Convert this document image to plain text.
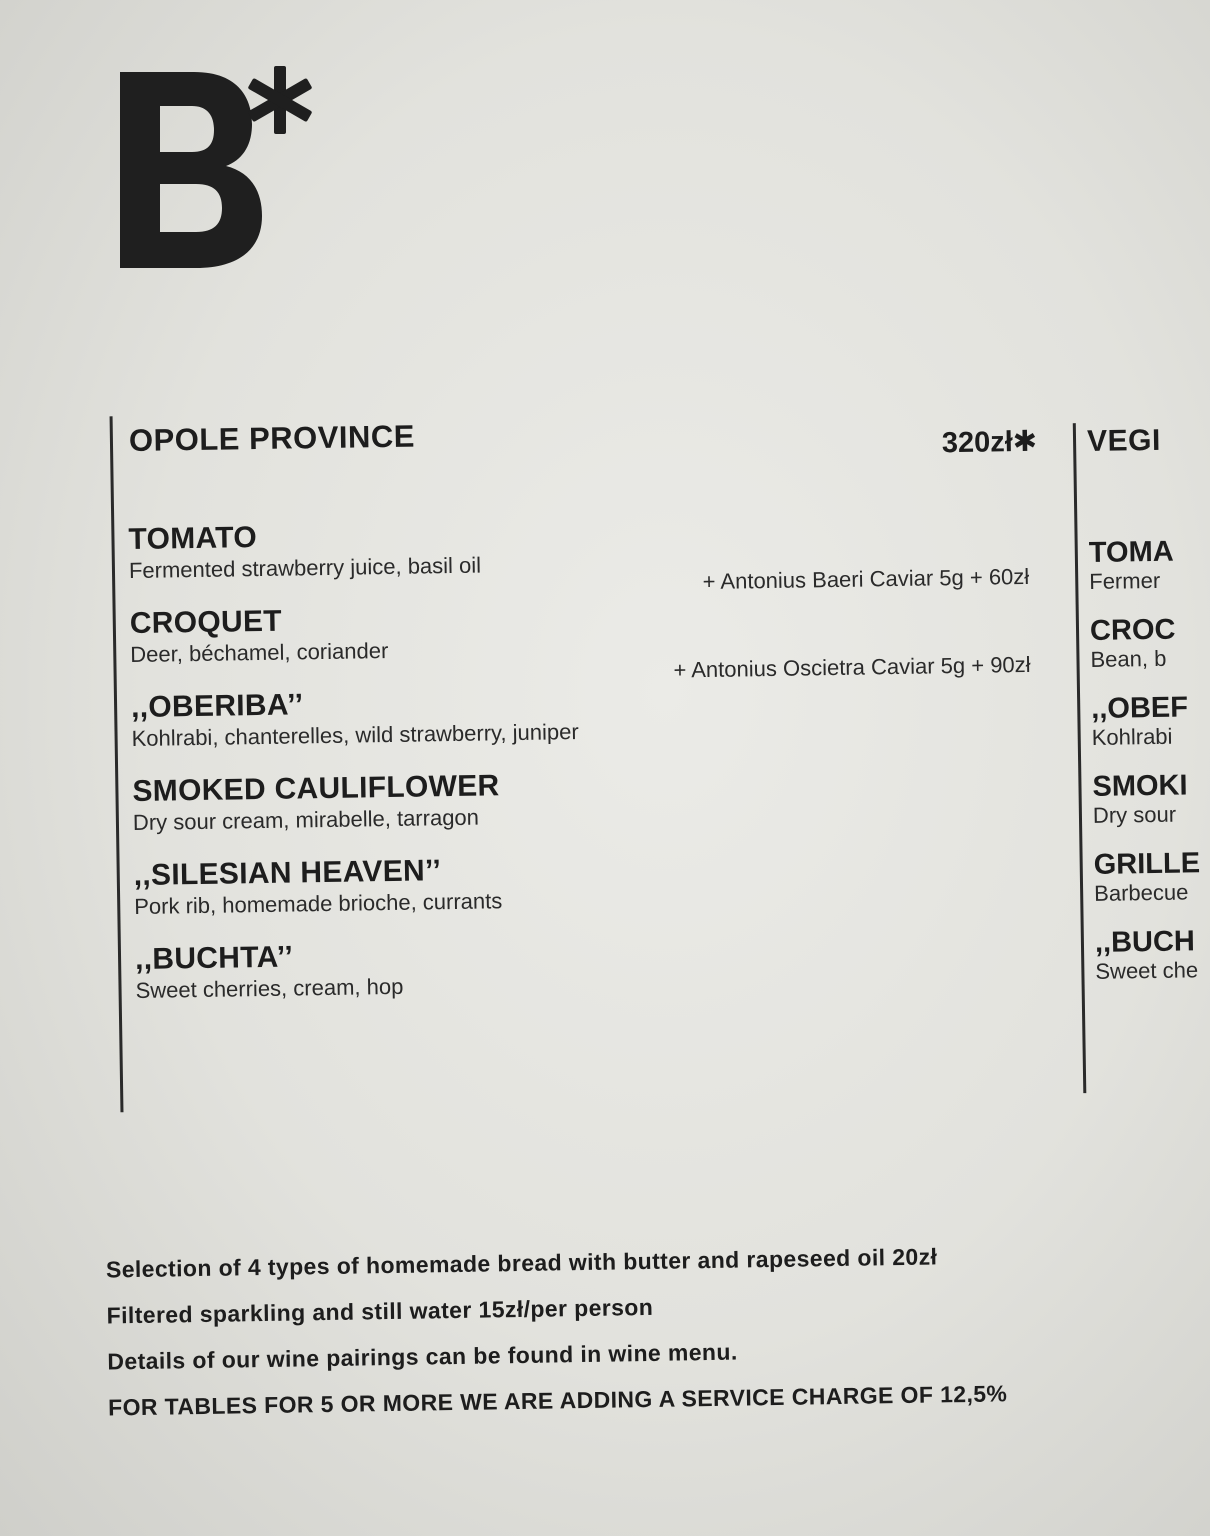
OPOLE PROVINCE	320zł✱
TOMATO
Fermented strawberry juice, basil oil
CROQUET
Deer, béchamel, coriander
,,OBERIBA’’
Kohlrabi, chanterelles, wild strawberry, juniper
SMOKED CAULIFLOWER
Dry sour cream, mirabelle, tarragon
,,SILESIAN HEAVEN’’
Pork rib, homemade brioche, currants
,,BUCHTA’’
Sweet cherries, cream, hop
+ Antonius Baeri Caviar 5g + 60zł
+ Antonius Oscietra Caviar 5g + 90zł
VEGI
TOMA
Fermer
CROC
Bean, b
,,OBEF
Kohlrabi
SMOKI
Dry sour
GRILLE
Barbecue
,,BUCH
Sweet che
Selection of 4 types of homemade bread with butter and rapeseed oil 20zł
Filtered sparkling and still water 15zł/per person
Details of our wine pairings can be found in wine menu.
FOR TABLES FOR 5 OR MORE WE ARE ADDING A SERVICE CHARGE OF 12,5%
